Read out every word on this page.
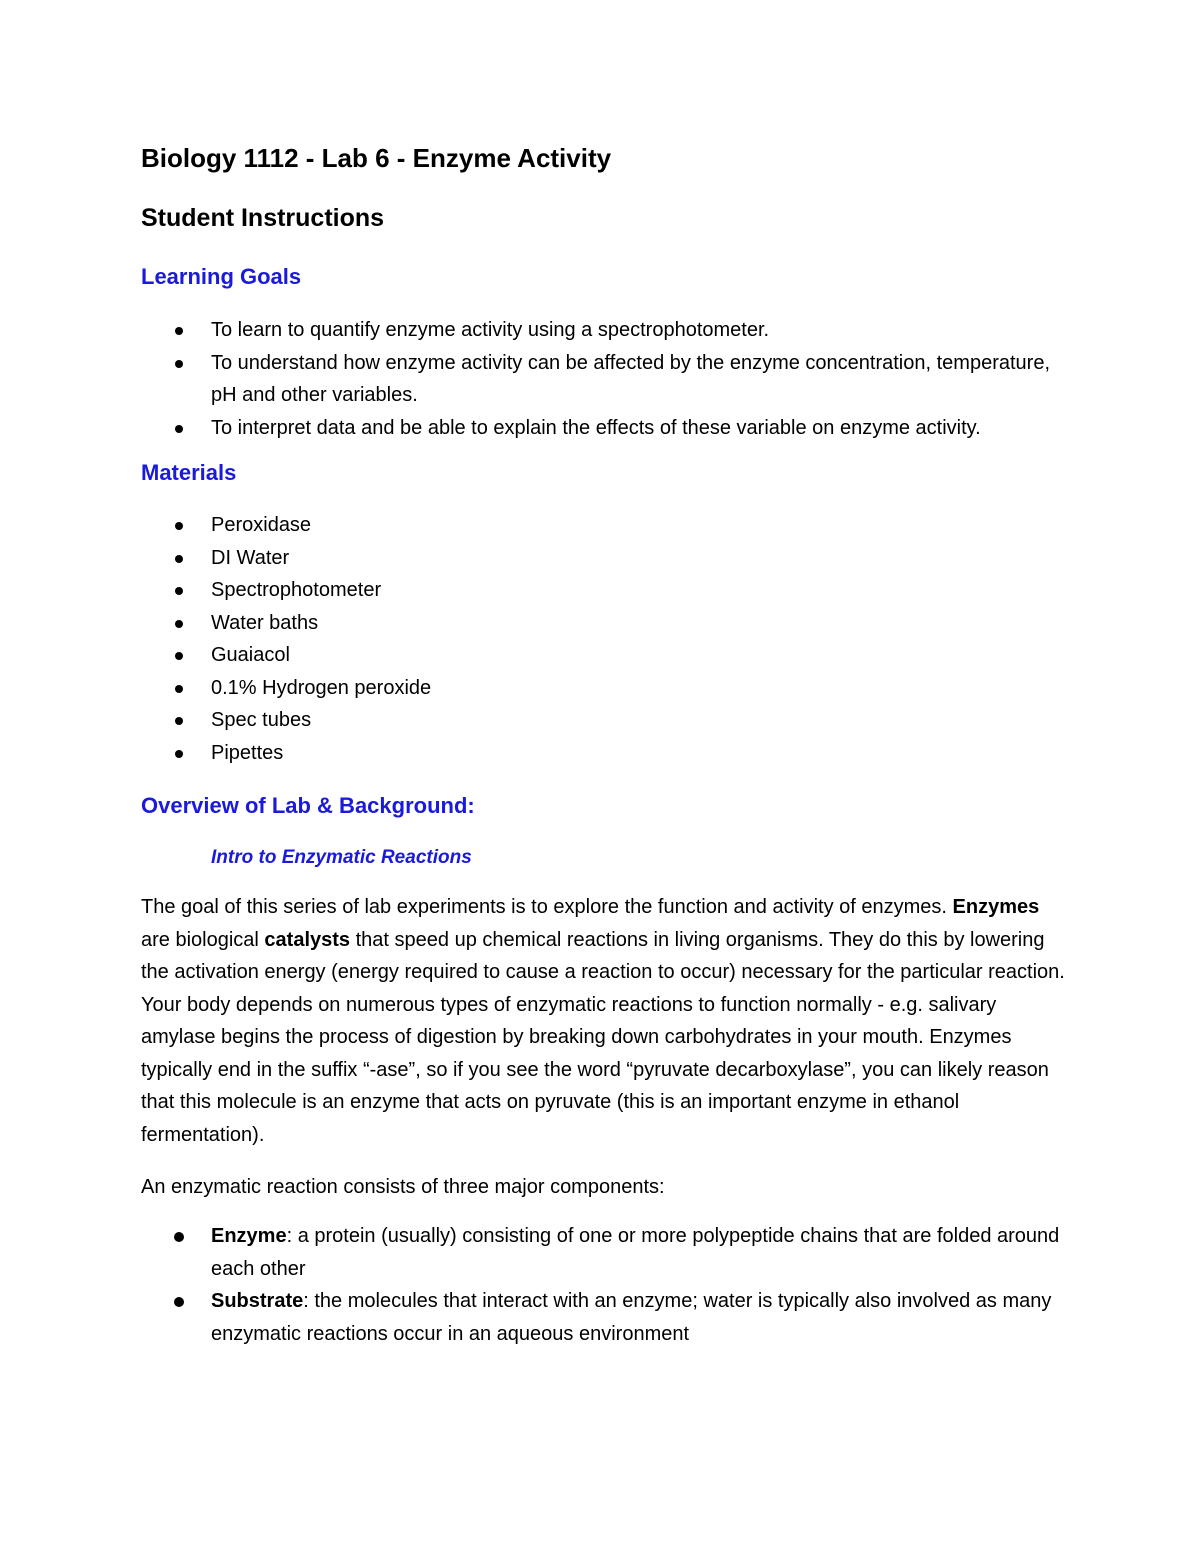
Biology 1112 - Lab 6 - Enzyme Activity
Student Instructions
Learning Goals
To learn to quantify enzyme activity using a spectrophotometer.
To understand how enzyme activity can be affected by the enzyme concentration, temperature, pH and other variables.
To interpret data and be able to explain the effects of these variable on enzyme activity.
Materials
Peroxidase
DI Water
Spectrophotometer
Water baths
Guaiacol
0.1% Hydrogen peroxide
Spec tubes
Pipettes
Overview of Lab & Background:
Intro to Enzymatic Reactions

The goal of this series of lab experiments is to explore the function and activity of enzymes. Enzymes are biological catalysts that speed up chemical reactions in living organisms. They do this by lowering the activation energy (energy required to cause a reaction to occur) necessary for the particular reaction. Your body depends on numerous types of enzymatic reactions to function normally - e.g. salivary amylase begins the process of digestion by breaking down carbohydrates in your mouth. Enzymes typically end in the suffix “-ase”, so if you see the word “pyruvate decarboxylase”, you can likely reason that this molecule is an enzyme that acts on pyruvate (this is an important enzyme in ethanol fermentation).

An enzymatic reaction consists of three major components:

Enzyme: a protein (usually) consisting of one or more polypeptide chains that are folded around each other
Substrate: the molecules that interact with an enzyme; water is typically also involved as many enzymatic reactions occur in an aqueous environment
